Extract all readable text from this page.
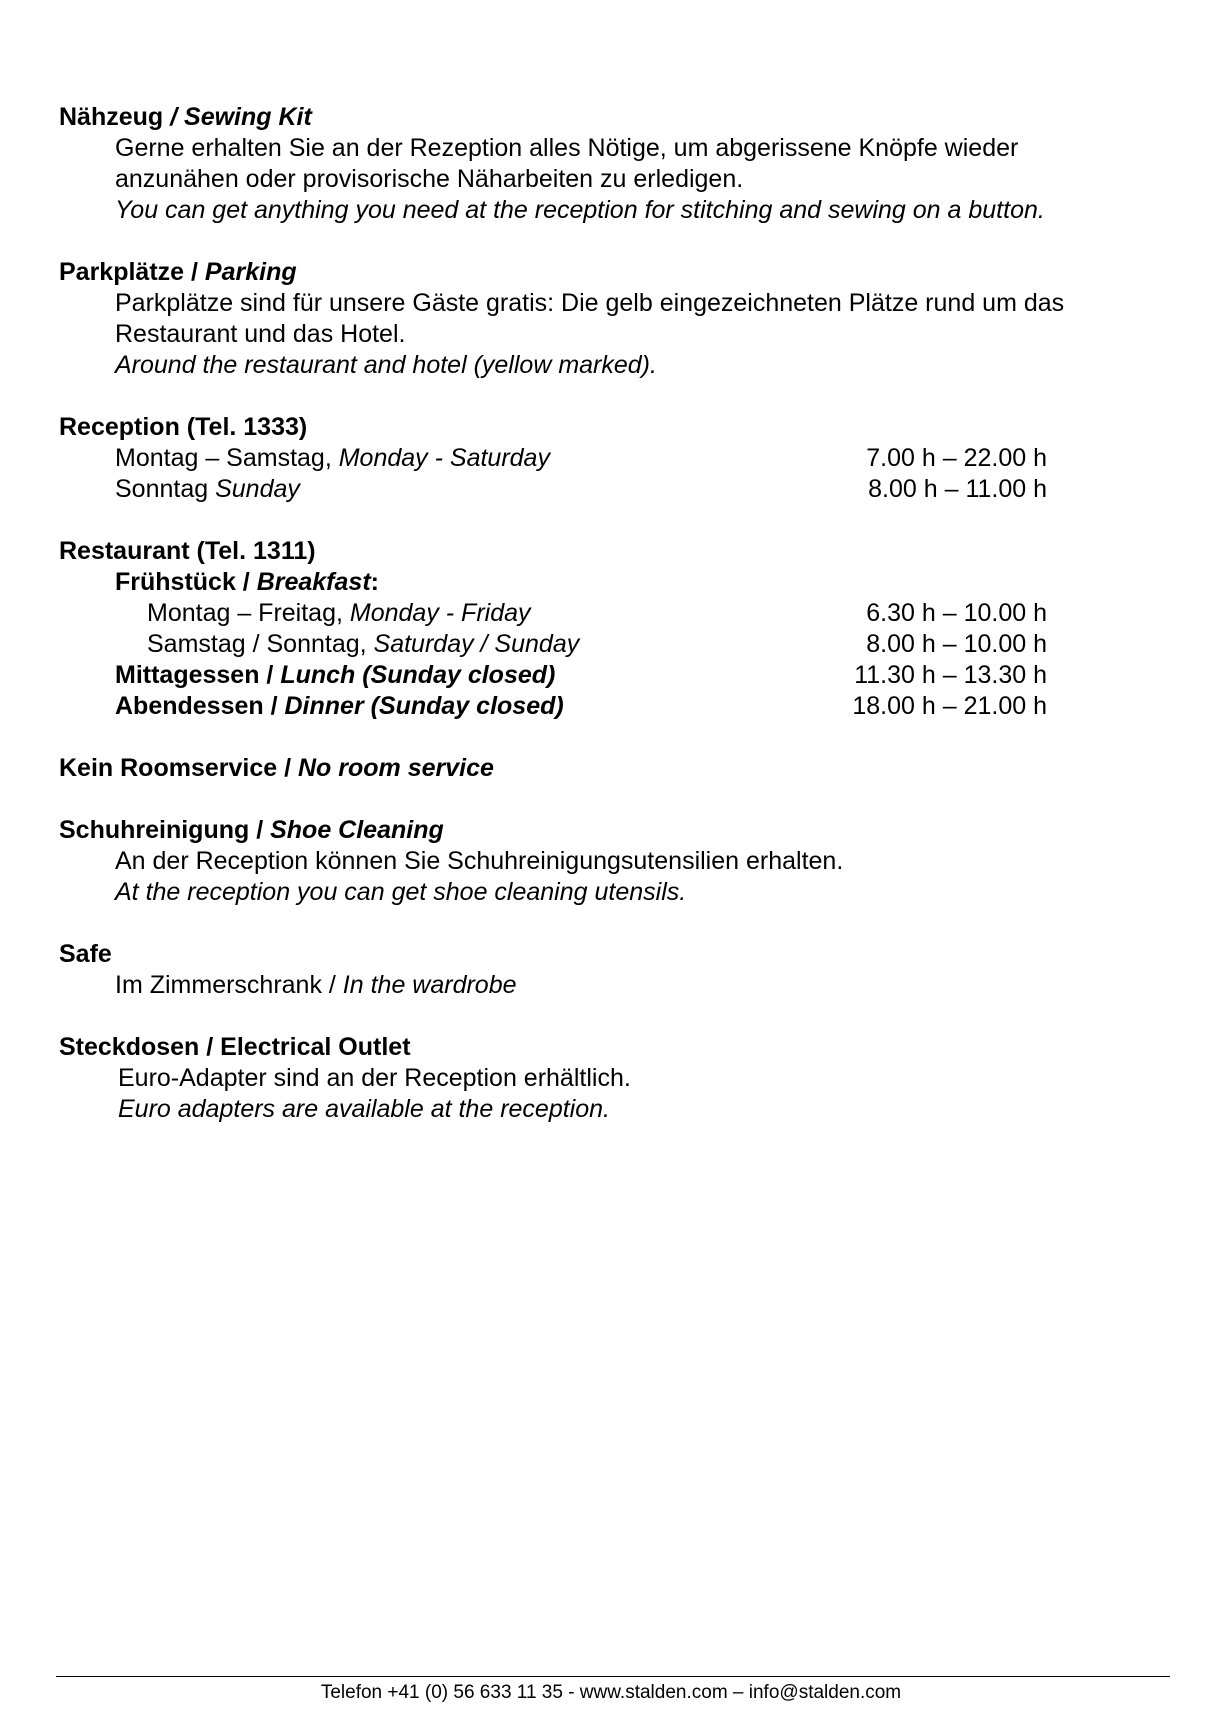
Nähzeug / Sewing Kit
Gerne erhalten Sie an der Rezeption alles Nötige, um abgerissene Knöpfe wieder
anzunähen oder provisorische Näharbeiten zu erledigen.
You can get anything you need at the reception for stitching and sewing on a button.
Parkplätze / Parking
Parkplätze sind für unsere Gäste gratis: Die gelb eingezeichneten Plätze rund um das
Restaurant und das Hotel.
Around the restaurant and hotel (yellow marked).
Reception (Tel. 1333)
Montag – Samstag, Monday - Saturday	7.00 h – 22.00 h
Sonntag Sunday	8.00 h – 11.00 h
Restaurant (Tel. 1311)
Frühstück / Breakfast:
Montag – Freitag, Monday - Friday	6.30 h – 10.00 h
Samstag / Sonntag, Saturday / Sunday	8.00 h – 10.00 h
Mittagessen / Lunch (Sunday closed)	11.30 h – 13.30 h
Abendessen / Dinner (Sunday closed)	18.00 h – 21.00 h
Kein Roomservice / No room service
Schuhreinigung / Shoe Cleaning
An der Reception können Sie Schuhreinigungsutensilien erhalten.
At the reception you can get shoe cleaning utensils.
Safe
Im Zimmerschrank / In the wardrobe
Steckdosen / Electrical Outlet
Euro-Adapter sind an der Reception erhältlich.
Euro adapters are available at the reception.
Telefon +41 (0) 56 633 11 35 - www.stalden.com – info@stalden.com
